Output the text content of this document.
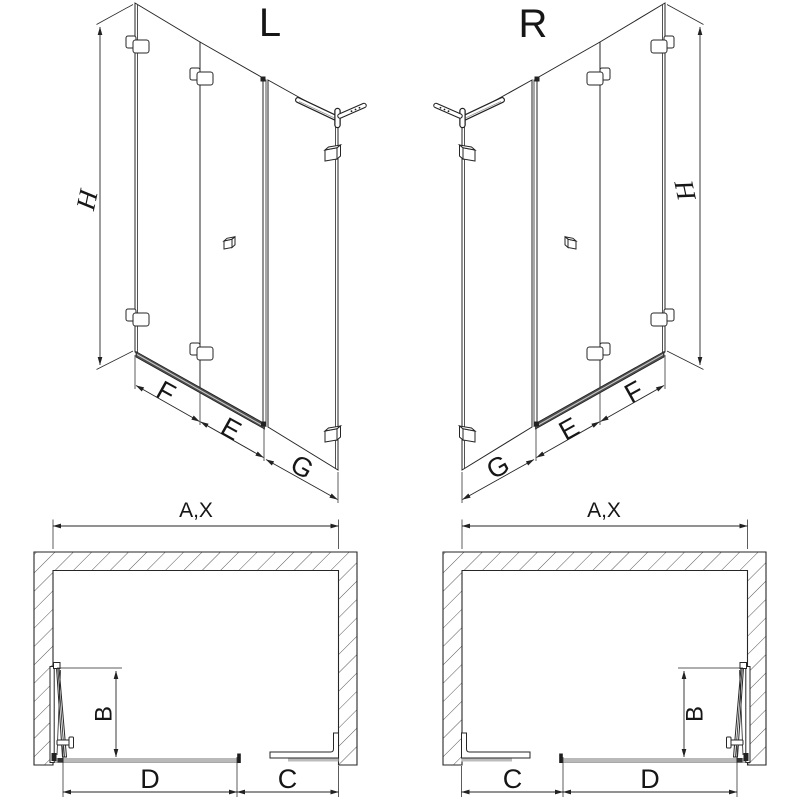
L	R
H
F
E
G
H
G
E
F
A,X
B
D	C
A,X
B
C	D
